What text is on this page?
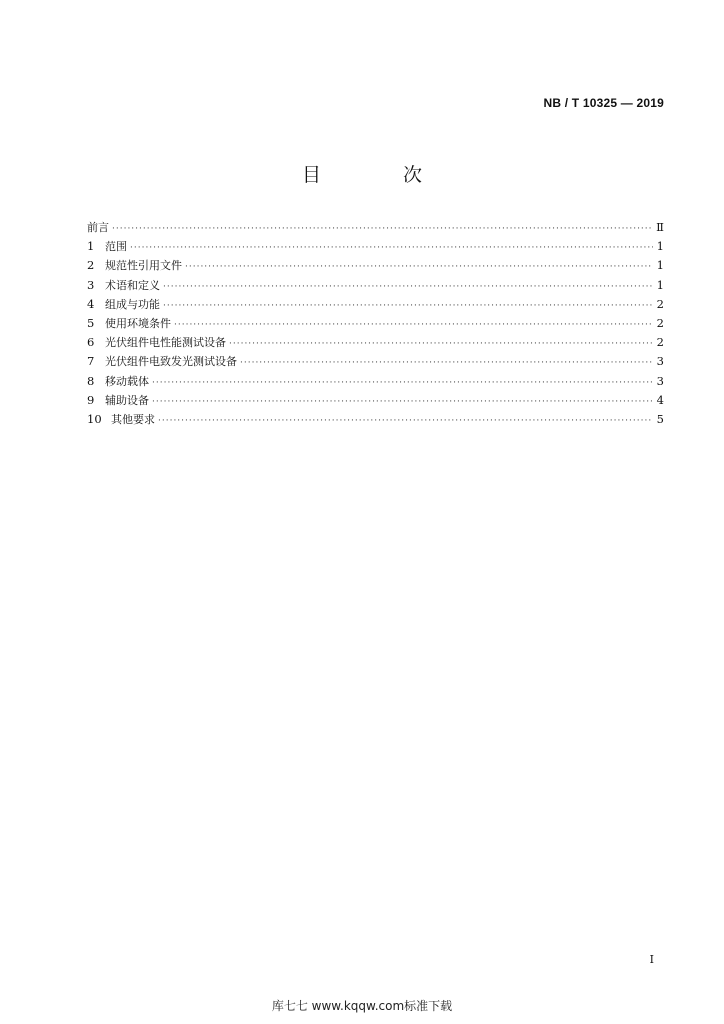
NB / T 10325 — 2019
目 次
前言 ·····	Ⅱ
1 范围 ·····	1
2 规范性引用文件 ·····	1
3 术语和定义 ·····	1
4 组成与功能 ·····	2
5 使用环境条件 ·····	2
6 光伏组件电性能测试设备 ·····	2
7 光伏组件电致发光测试设备 ·····	3
8 移动载体 ·····	3
9 辅助设备 ·····	4
10 其他要求 ·····	5
I
库七七 www.kqqw.com标准下载
